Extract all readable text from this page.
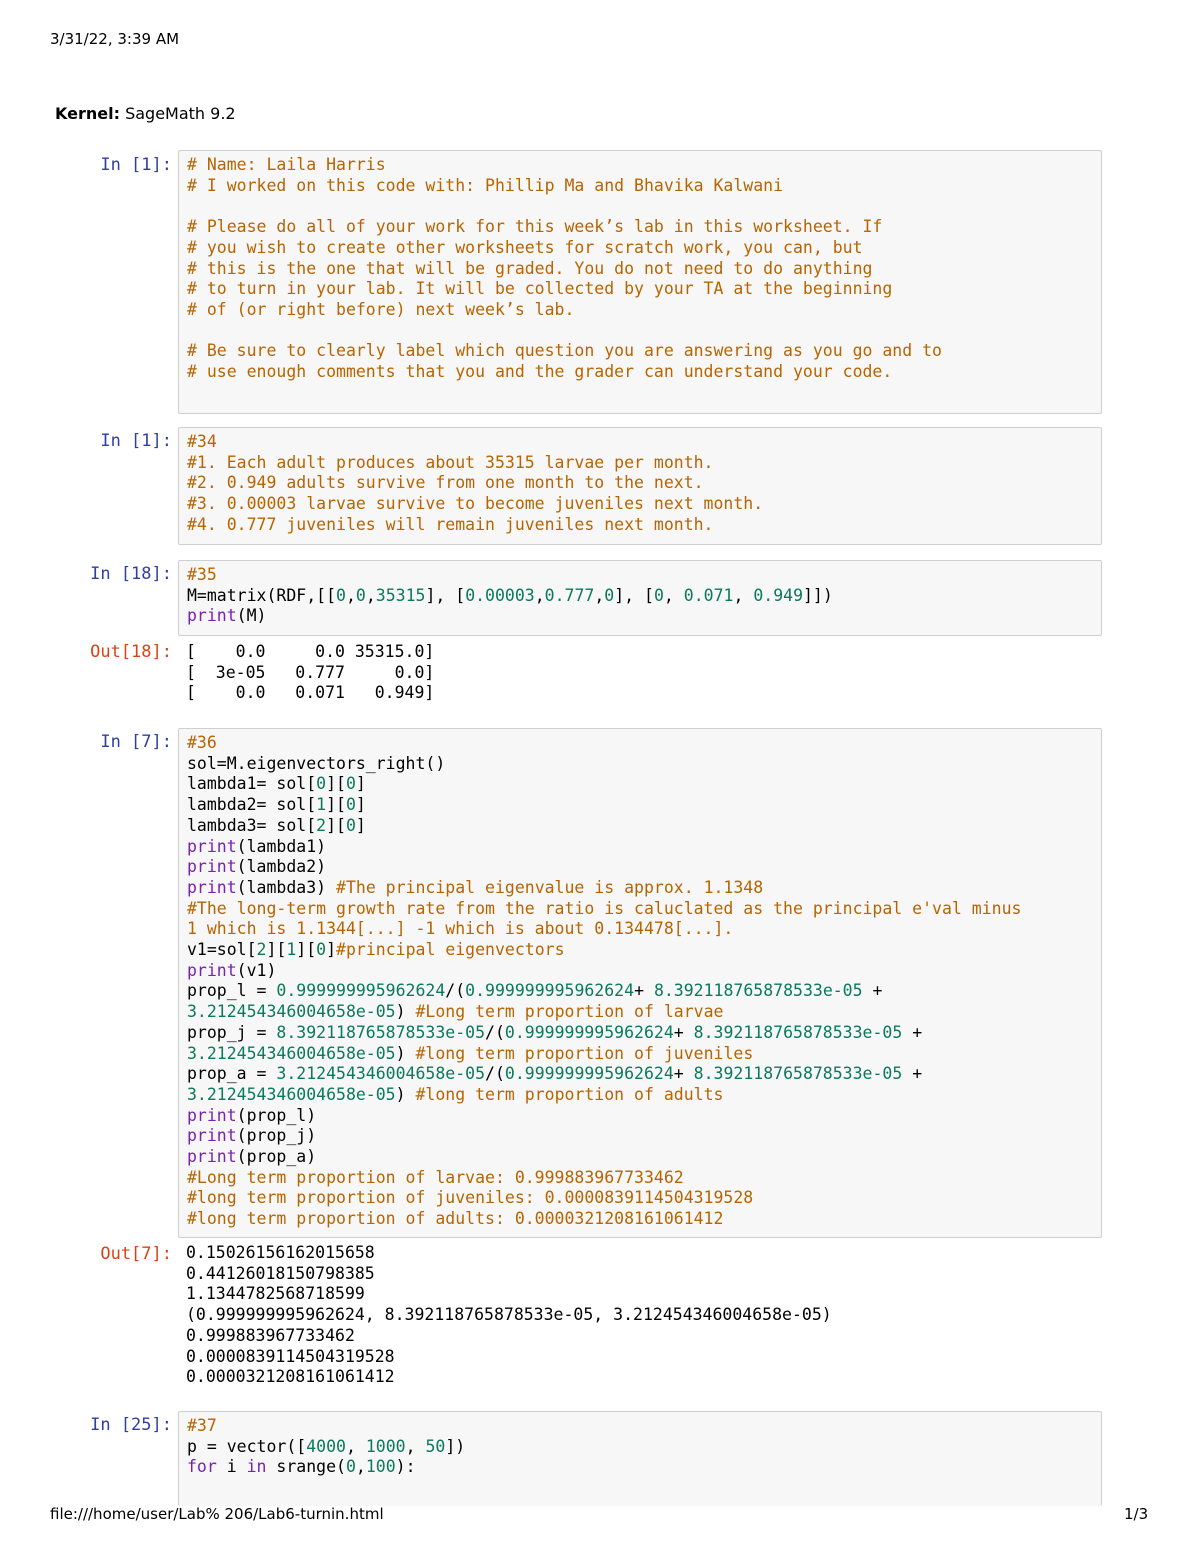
3/31/22, 3:39 AM
Kernel: SageMath 9.2
In [1]: # Name: Laila Harris
# I worked on this code with: Phillip Ma and Bhavika Kalwani
# Please do all of your work for this week’s lab in this worksheet. If
# you wish to create other worksheets for scratch work, you can, but
# this is the one that will be graded. You do not need to do anything
# to turn in your lab. It will be collected by your TA at the beginning
# of (or right before) next week’s lab.
# Be sure to clearly label which question you are answering as you go and to
# use enough comments that you and the grader can understand your code.
In [1]: #34
#1. Each adult produces about 35315 larvae per month.
#2. 0.949 adults survive from one month to the next.
#3. 0.00003 larvae survive to become juveniles next month.
#4. 0.777 juveniles will remain juveniles next month.
In [18]: #35
M=matrix(RDF,[[0,0,35315], [0.00003,0.777,0], [0, 0.071, 0.949]])
print(M)
Out[18]: [    0.0     0.0 35315.0]
[  3e-05   0.777     0.0]
[    0.0   0.071   0.949]
In [7]: #36
sol=M.eigenvectors_right()
lambda1= sol[0][0]
lambda2= sol[1][0]
lambda3= sol[2][0]
print(lambda1)
print(lambda2)
print(lambda3) #The principal eigenvalue is approx. 1.1348
#The long-term growth rate from the ratio is caluclated as the principal e'val minus
1 which is 1.1344[...] -1 which is about 0.134478[...].
v1=sol[2][1][0]#principal eigenvectors
print(v1)
prop_l = 0.999999995962624/(0.999999995962624+ 8.392118765878533e-05 +
3.212454346004658e-05) #Long term proportion of larvae
prop_j = 8.392118765878533e-05/(0.999999995962624+ 8.392118765878533e-05 +
3.212454346004658e-05) #long term proportion of juveniles
prop_a = 3.212454346004658e-05/(0.999999995962624+ 8.392118765878533e-05 +
3.212454346004658e-05) #long term proportion of adults
print(prop_l)
print(prop_j)
print(prop_a)
#Long term proportion of larvae: 0.999883967733462
#long term proportion of juveniles: 0.0000839114504319528
#long term proportion of adults: 0.0000321208161061412
Out[7]: 0.15026156162015658
0.44126018150798385
1.1344782568718599
(0.999999995962624, 8.392118765878533e-05, 3.212454346004658e-05)
0.999883967733462
0.0000839114504319528
0.0000321208161061412
In [25]: #37
p = vector([4000, 1000, 50])
for i in srange(0,100):
file:///home/user/Lab% 206/Lab6-turnin.html	1/3
